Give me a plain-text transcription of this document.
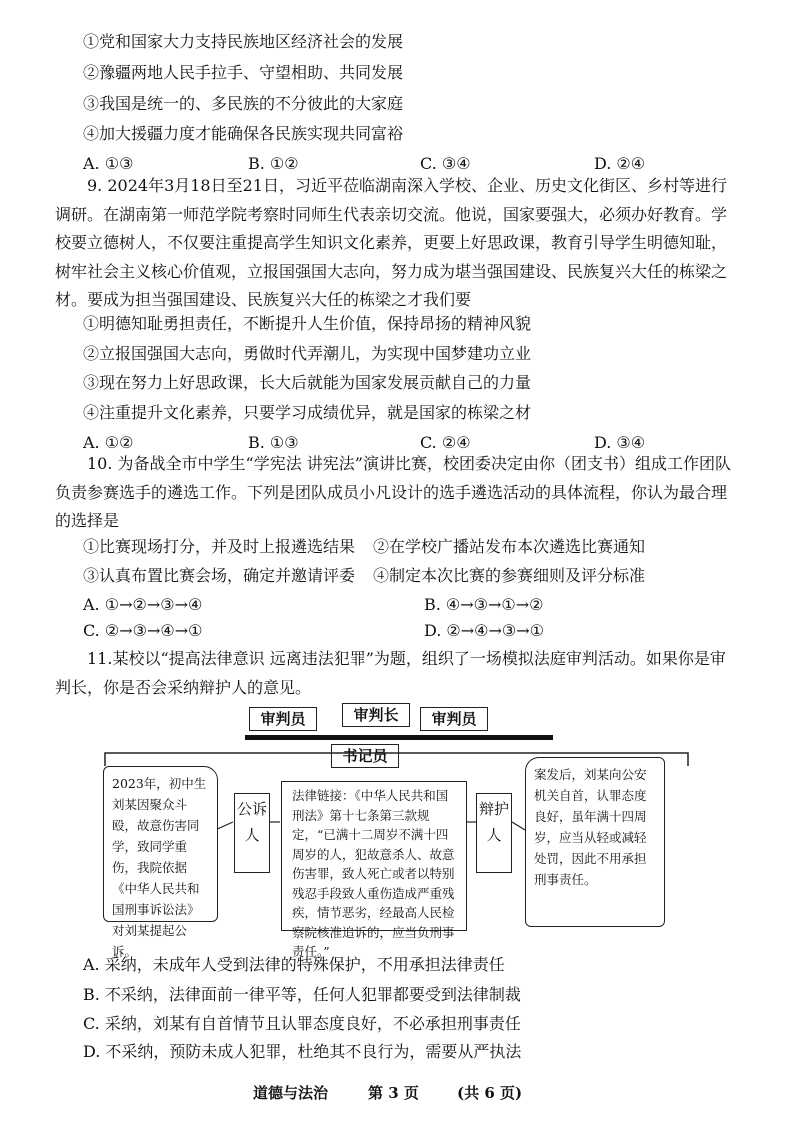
①党和国家大力支持民族地区经济社会的发展
②豫疆两地人民手拉手、守望相助、共同发展
③我国是统一的、多民族的不分彼此的大家庭
④加大援疆力度才能确保各民族实现共同富裕
A. ①③	B. ①②	C. ③④	D. ②④
9. 2024年3月18日至21日，习近平莅临湖南深入学校、企业、历史文化街区、乡村等进行调研。在湖南第一师范学院考察时同师生代表亲切交流。他说，国家要强大，必须办好教育。学校要立德树人，不仅要注重提高学生知识文化素养，更要上好思政课，教育引导学生明德知耻，树牢社会主义核心价值观，立报国强国大志向，努力成为堪当强国建设、民族复兴大任的栋梁之材。要成为担当强国建设、民族复兴大任的栋梁之才我们要
①明德知耻勇担责任，不断提升人生价值，保持昂扬的精神风貌
②立报国强国大志向，勇做时代弄潮儿，为实现中国梦建功立业
③现在努力上好思政课，长大后就能为国家发展贡献自己的力量
④注重提升文化素养，只要学习成绩优异，就是国家的栋梁之材
A. ①②	B. ①③	C. ②④	D. ③④
10. 为备战全市中学生“学宪法 讲宪法”演讲比赛，校团委决定由你（团支书）组成工作团队负责参赛选手的遴选工作。下列是团队成员小凡设计的选手遴选活动的具体流程，你认为最合理的选择是
①比赛现场打分，并及时上报遴选结果 ②在学校广播站发布本次遴选比赛通知
③认真布置比赛会场，确定并邀请评委 ④制定本次比赛的参赛细则及评分标准
A. ①→②→③→④	B. ④→③→①→②
C. ②→③→④→①	D. ②→④→③→①
11.某校以“提高法律意识 远离违法犯罪”为题，组织了一场模拟法庭审判活动。如果你是审判长，你是否会采纳辩护人的意见。
审判员	审判长	审判员
书记员
2023年，初中生刘某因聚众斗殴，故意伤害同学，致同学重伤，我院依据《中华人民共和国刑事诉讼法》对刘某提起公诉。
公诉人
法律链接：《中华人民共和国刑法》第十七条第三款规定，“已满十二周岁不满十四周岁的人，犯故意杀人、故意伤害罪，致人死亡或者以特别残忍手段致人重伤造成严重残疾，情节恶劣，经最高人民检察院核准追诉的，应当负刑事责任。”
辩护人
案发后，刘某向公安机关自首，认罪态度良好，虽年满十四周岁，应当从轻或减轻处罚，因此不用承担刑事责任。
A. 采纳，未成年人受到法律的特殊保护，不用承担法律责任
B. 不采纳，法律面前一律平等，任何人犯罪都要受到法律制裁
C. 采纳，刘某有自首情节且认罪态度良好，不必承担刑事责任
D. 不采纳，预防未成人犯罪，杜绝其不良行为，需要从严执法
道德与法治	第 3 页	(共 6 页)
